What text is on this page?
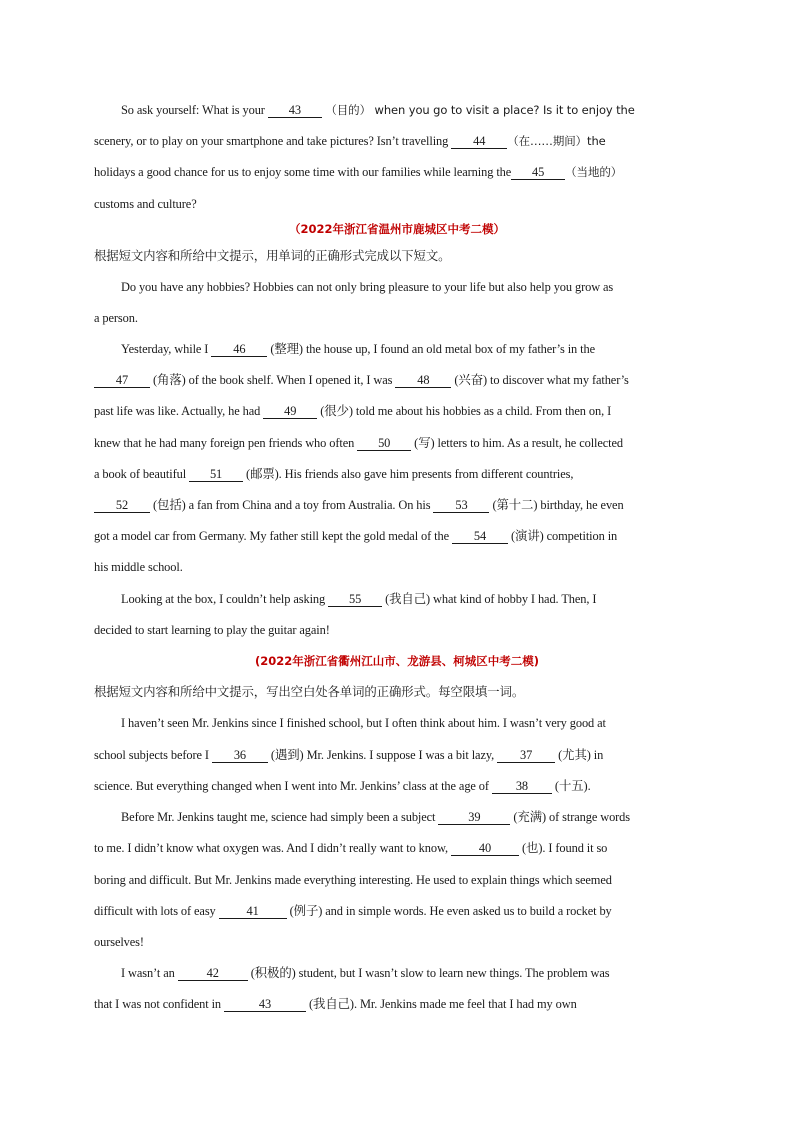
So ask yourself: What is your 43 （目的） when you go to visit a place? Is it to enjoy the
scenery, or to play on your smartphone and take pictures? Isn’t travelling 44 （在……期间）the
holidays a good chance for us to enjoy some time with our families while learning the 45 （当地的）
customs and culture?
（2022年浙江省温州市鹿城区中考二模）
根据短文内容和所给中文提示，用单词的正确形式完成以下短文。
Do you have any hobbies? Hobbies can not only bring pleasure to your life but also help you grow as
a person.
Yesterday, while I 46 (整理) the house up, I found an old metal box of my father’s in the
47 (角落) of the book shelf. When I opened it, I was 48 (兴奋) to discover what my father’s
past life was like. Actually, he had 49 (很少) told me about his hobbies as a child. From then on, I
knew that he had many foreign pen friends who often 50 (写) letters to him. As a result, he collected
a book of beautiful 51 (邮票). His friends also gave him presents from different countries,
52 (包括) a fan from China and a toy from Australia. On his 53 (第十二) birthday, he even
got a model car from Germany. My father still kept the gold medal of the 54 (演讲) competition in
his middle school.
Looking at the box, I couldn’t help asking 55 (我自己) what kind of hobby I had. Then, I
decided to start learning to play the guitar again!
(2022年浙江省衢州江山市、龙游县、柯城区中考二模)
根据短文内容和所给中文提示，写出空白处各单词的正确形式。每空限填一词。
I haven’t seen Mr. Jenkins since I finished school, but I often think about him. I wasn’t very good at
school subjects before I 36 (遇到) Mr. Jenkins. I suppose I was a bit lazy, 37 (尤其) in
science. But everything changed when I went into Mr. Jenkins’ class at the age of 38 (十五).
Before Mr. Jenkins taught me, science had simply been a subject 39 (充满) of strange words
to me. I didn’t know what oxygen was. And I didn’t really want to know, 40 (也). I found it so
boring and difficult. But Mr. Jenkins made everything interesting. He used to explain things which seemed
difficult with lots of easy 41 (例子) and in simple words. He even asked us to build a rocket by
ourselves!
I wasn’t an 42 (积极的) student, but I wasn’t slow to learn new things. The problem was
that I was not confident in	43	(我自己). Mr. Jenkins made me feel that I had my own
